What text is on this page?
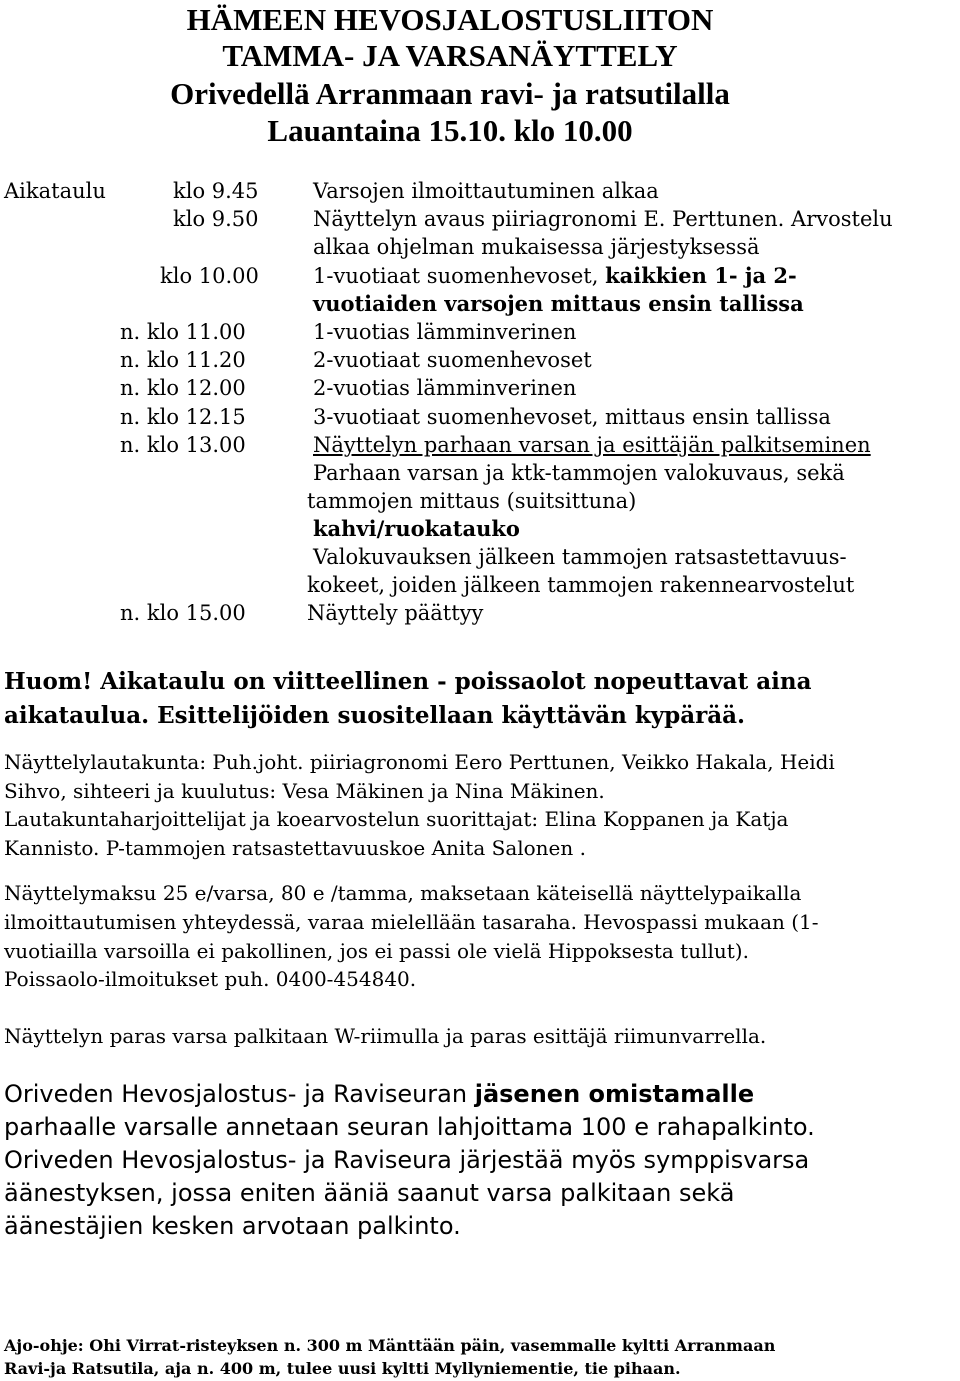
HÄMEEN HEVOSJALOSTUSLIITON
TAMMA- JA VARSANÄYTTELY
Orivedellä Arranmaan ravi- ja ratsutilalla
Lauantaina 15.10. klo 10.00
Aikataulu	klo 9.45	Varsojen ilmoittautuminen alkaa
klo 9.50	Näyttelyn avaus piiriagronomi E. Perttunen. Arvostelu
alkaa ohjelman mukaisessa järjestyksessä
klo 10.00	1-vuotiaat suomenhevoset, kaikkien 1- ja 2-
vuotiaiden varsojen mittaus ensin tallissa
n. klo 11.00	1-vuotias lämminverinen
n. klo 11.20	2-vuotiaat suomenhevoset
n. klo 12.00	2-vuotias lämminverinen
n. klo 12.15	3-vuotiaat suomenhevoset, mittaus ensin tallissa
n. klo 13.00	Näyttelyn parhaan varsan ja esittäjän palkitseminen
Parhaan varsan ja ktk-tammojen valokuvaus, sekä
tammojen mittaus (suitsittuna)
kahvi/ruokatauko
Valokuvauksen jälkeen tammojen ratsastettavuus-
kokeet, joiden jälkeen tammojen rakennearvostelut
n. klo 15.00	Näyttely päättyy
Huom! Aikataulu on viitteellinen - poissaolot nopeuttavat aina
aikataulua. Esittelijöiden suositellaan käyttävän kypärää.
Näyttelylautakunta: Puh.joht. piiriagronomi Eero Perttunen, Veikko Hakala, Heidi
Sihvo, sihteeri ja kuulutus: Vesa Mäkinen ja Nina Mäkinen.
Lautakuntaharjoittelijat ja koearvostelun suorittajat: Elina Koppanen ja Katja
Kannisto. P-tammojen ratsastettavuuskoe Anita Salonen .
Näyttelymaksu 25 e/varsa, 80 e /tamma, maksetaan käteisellä näyttelypaikalla
ilmoittautumisen yhteydessä, varaa mielellään tasaraha. Hevospassi mukaan (1-
vuotiailla varsoilla ei pakollinen, jos ei passi ole vielä Hippoksesta tullut).
Poissaolo-ilmoitukset puh. 0400-454840.
Näyttelyn paras varsa palkitaan W-riimulla ja paras esittäjä riimunvarrella.
Oriveden Hevosjalostus- ja Raviseuran jäsenen omistamalle
parhaalle varsalle annetaan seuran lahjoittama 100 e rahapalkinto.
Oriveden Hevosjalostus- ja Raviseura järjestää myös symppisvarsa
äänestyksen, jossa eniten ääniä saanut varsa palkitaan sekä
äänestäjien kesken arvotaan palkinto.
Ajo-ohje: Ohi Virrat-risteyksen n. 300 m Mänttään päin, vasemmalle kyltti Arranmaan
Ravi-ja Ratsutila, aja n. 400 m, tulee uusi kyltti Myllyniementie, tie pihaan.
